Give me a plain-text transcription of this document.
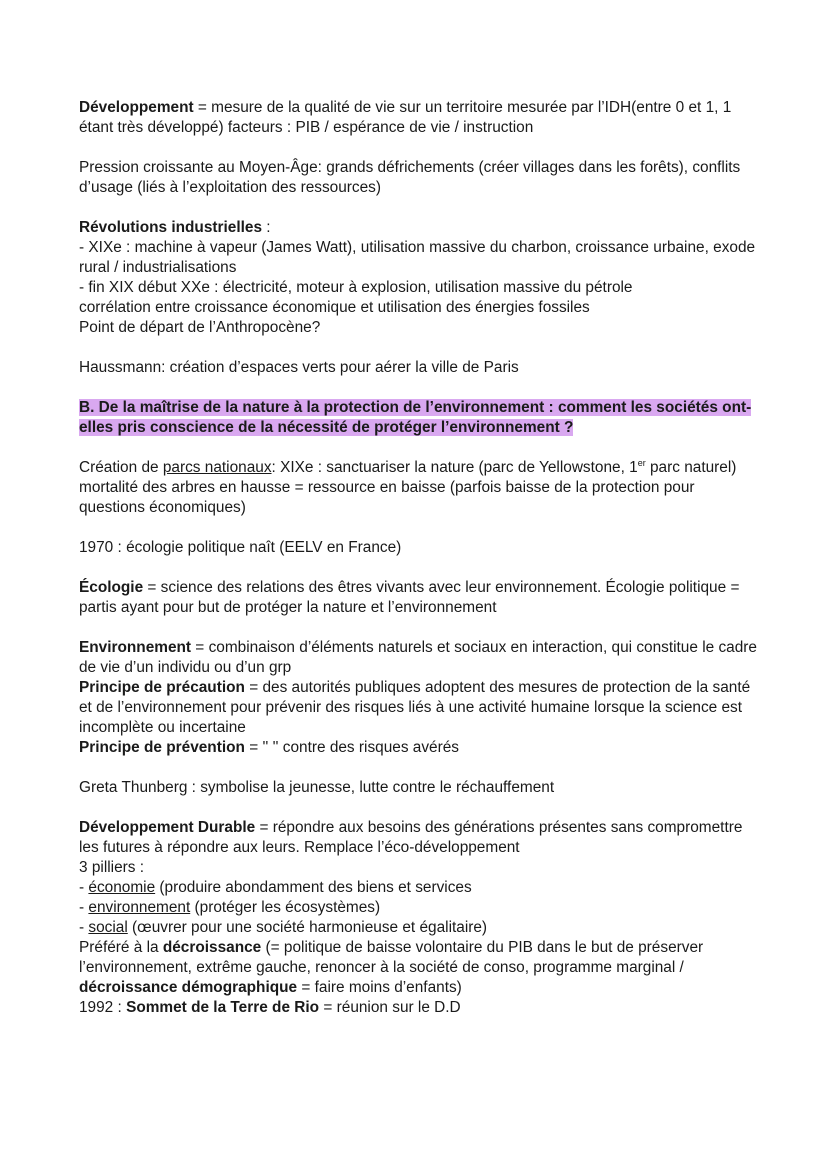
Développement = mesure de la qualité de vie sur un territoire mesurée par l’IDH(entre 0 et 1, 1 étant très développé) facteurs : PIB / espérance de vie / instruction

Pression croissante au Moyen-Âge: grands défrichements (créer villages dans les forêts), conflits d’usage (liés à l’exploitation des ressources)

Révolutions industrielles :
- XIXe : machine à vapeur (James Watt), utilisation massive du charbon, croissance urbaine, exode rural / industrialisations
- fin XIX début XXe : électricité, moteur à explosion, utilisation massive du pétrole
corrélation entre croissance économique et utilisation des énergies fossiles
Point de départ de l’Anthropocène?

Haussmann: création d’espaces verts pour aérer la ville de Paris

B. De la maîtrise de la nature à la protection de l’environnement : comment les sociétés ont-elles pris conscience de la nécessité de protéger l’environnement ?

Création de parcs nationaux: XIXe : sanctuariser la nature (parc de Yellowstone, 1er parc naturel)
mortalité des arbres en hausse = ressource en baisse (parfois baisse de la protection pour questions économiques)

1970 : écologie politique naît (EELV en France)

Écologie = science des relations des êtres vivants avec leur environnement. Écologie politique = partis ayant pour but de protéger la nature et l’environnement

Environnement = combinaison d’éléments naturels et sociaux en interaction, qui constitue le cadre de vie d’un individu ou d’un grp
Principe de précaution = des autorités publiques adoptent des mesures de protection de la santé et de l’environnement pour prévenir des risques liés à une activité humaine lorsque la science est incomplète ou incertaine
Principe de prévention = '' '' contre des risques avérés

Greta Thunberg : symbolise la jeunesse, lutte contre le réchauffement

Développement Durable = répondre aux besoins des générations présentes sans compromettre les futures à répondre aux leurs. Remplace l’éco-développement
3 pilliers :
- économie (produire abondamment des biens et services
- environnement (protéger les écosystèmes)
- social (œuvrer pour une société harmonieuse et égalitaire)
Préféré à la décroissance (= politique de baisse volontaire du PIB dans le but de préserver l’environnement, extrême gauche, renoncer à la société de conso, programme marginal / décroissance démographique = faire moins d’enfants)
1992 : Sommet de la Terre de Rio = réunion sur le D.D
